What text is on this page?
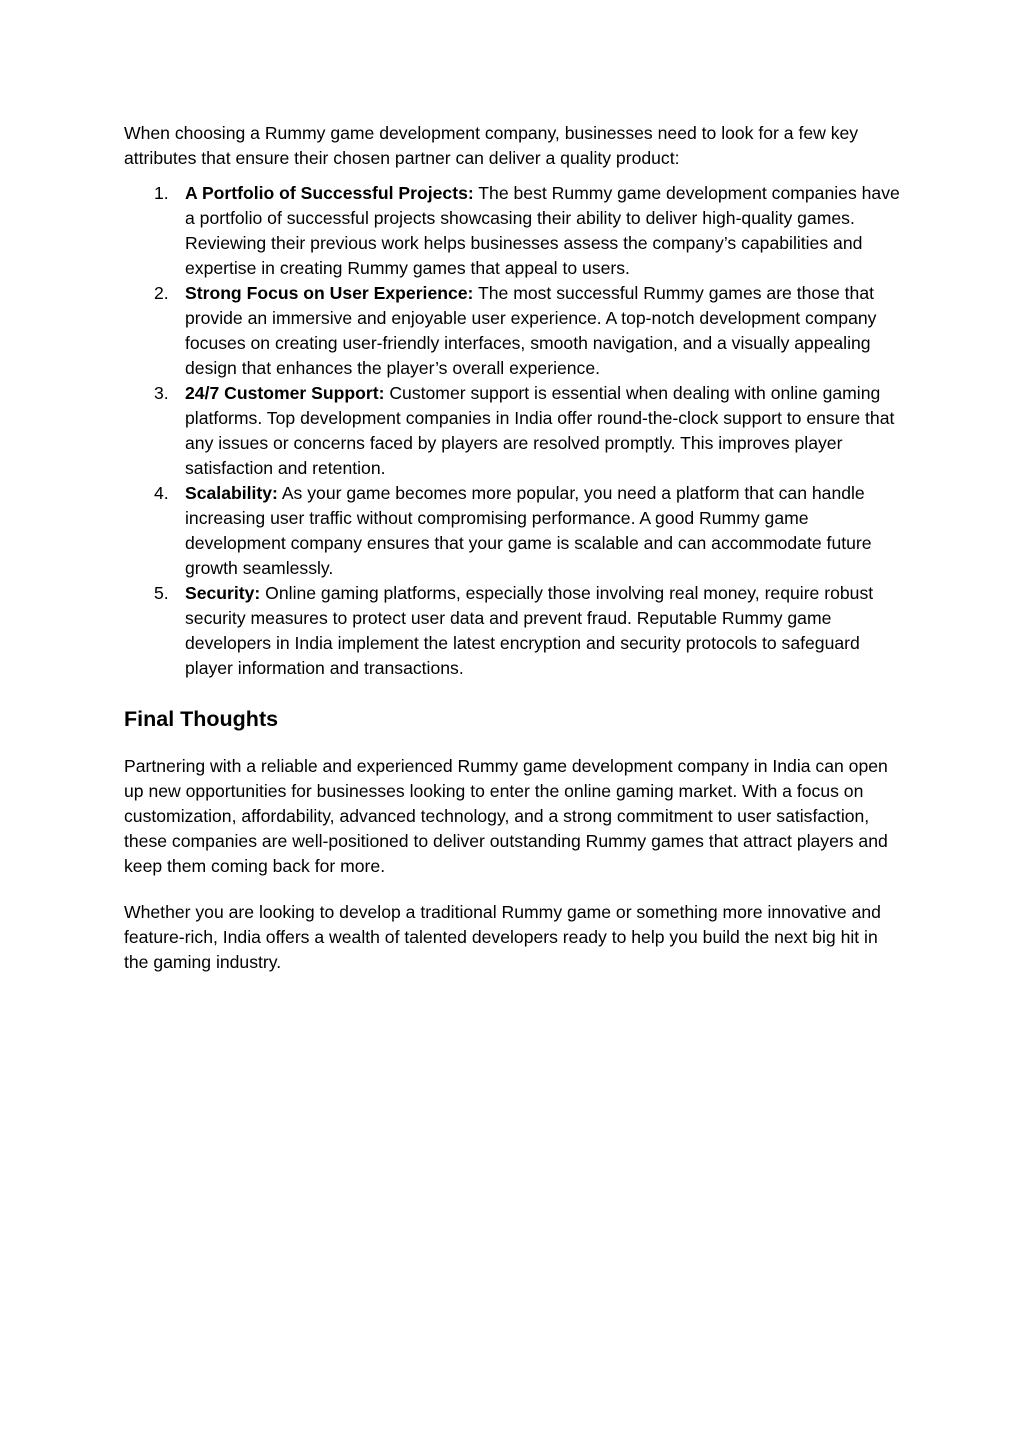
When choosing a Rummy game development company, businesses need to look for a few key attributes that ensure their chosen partner can deliver a quality product:

1. A Portfolio of Successful Projects: The best Rummy game development companies have a portfolio of successful projects showcasing their ability to deliver high-quality games. Reviewing their previous work helps businesses assess the company’s capabilities and expertise in creating Rummy games that appeal to users.
2. Strong Focus on User Experience: The most successful Rummy games are those that provide an immersive and enjoyable user experience. A top-notch development company focuses on creating user-friendly interfaces, smooth navigation, and a visually appealing design that enhances the player’s overall experience.
3. 24/7 Customer Support: Customer support is essential when dealing with online gaming platforms. Top development companies in India offer round-the-clock support to ensure that any issues or concerns faced by players are resolved promptly. This improves player satisfaction and retention.
4. Scalability: As your game becomes more popular, you need a platform that can handle increasing user traffic without compromising performance. A good Rummy game development company ensures that your game is scalable and can accommodate future growth seamlessly.
5. Security: Online gaming platforms, especially those involving real money, require robust security measures to protect user data and prevent fraud. Reputable Rummy game developers in India implement the latest encryption and security protocols to safeguard player information and transactions.
Final Thoughts

Partnering with a reliable and experienced Rummy game development company in India can open up new opportunities for businesses looking to enter the online gaming market. With a focus on customization, affordability, advanced technology, and a strong commitment to user satisfaction, these companies are well-positioned to deliver outstanding Rummy games that attract players and keep them coming back for more.

Whether you are looking to develop a traditional Rummy game or something more innovative and feature-rich, India offers a wealth of talented developers ready to help you build the next big hit in the gaming industry.
